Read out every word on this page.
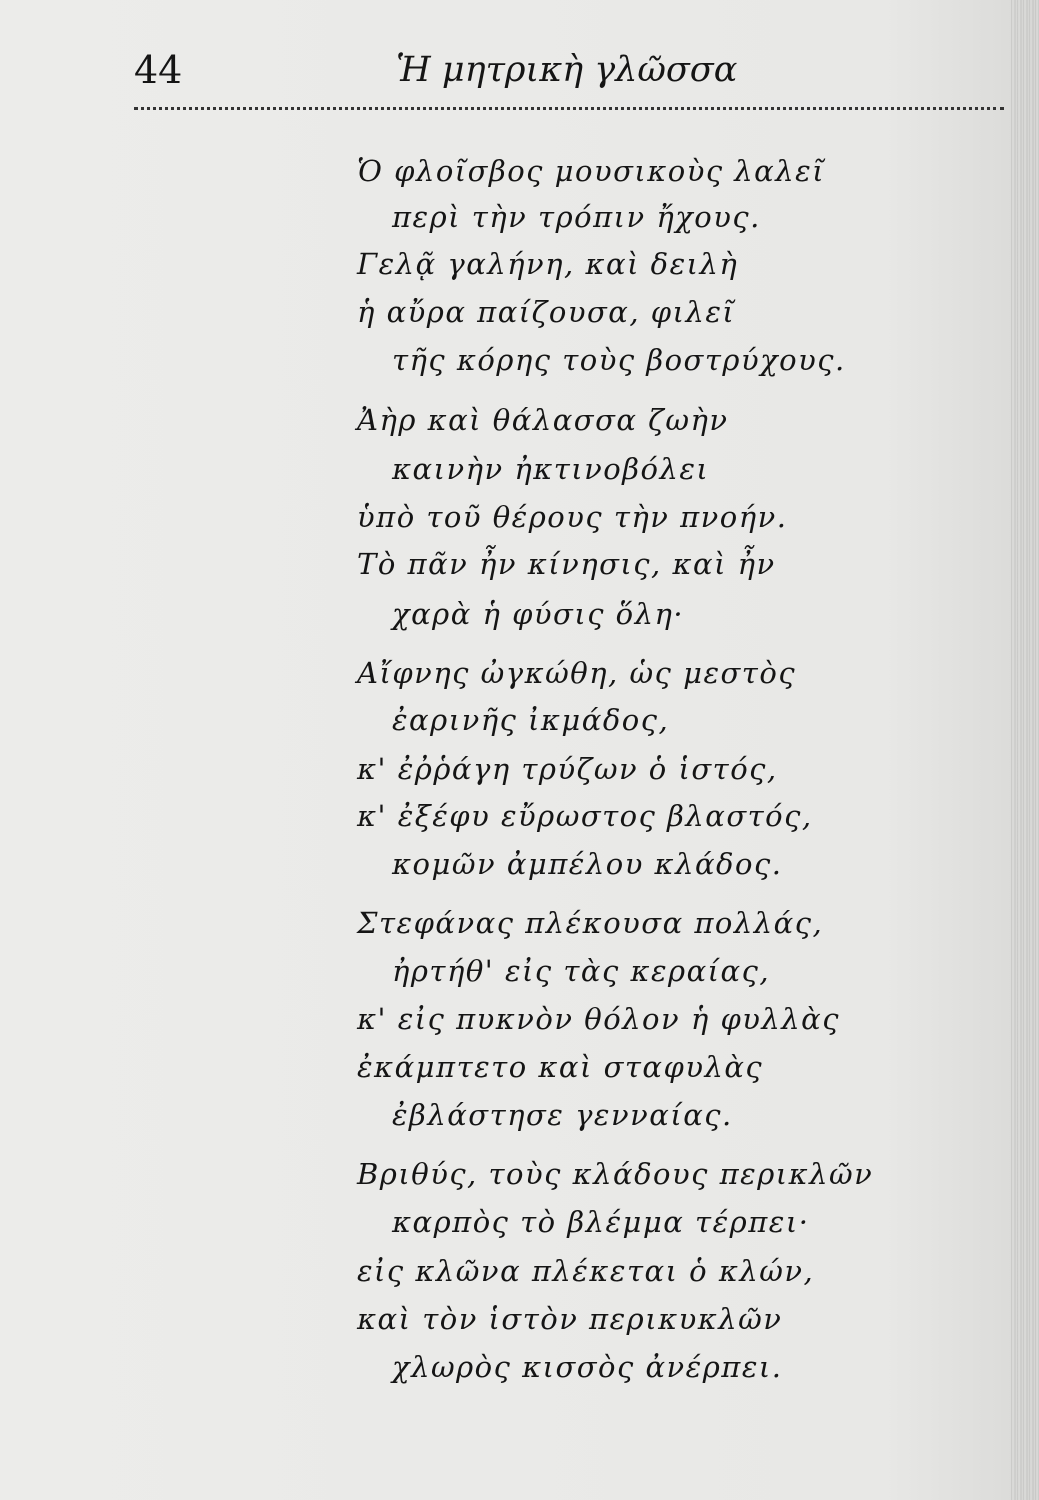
44	Ἡ μητρικὴ γλῶσσα
Ὁ φλοῖσβος μουσικοὺς λαλεῖ
περὶ τὴν τρόπιν ἤχους.
Γελᾷ γαλήνη, καὶ δειλὴ
ἡ αὔρα παίζουσα, φιλεῖ
τῆς κόρης τοὺς βοστρύχους.
Ἀὴρ καὶ θάλασσα ζωὴν
καινὴν ἠκτινοβόλει
ὑπὸ τοῦ θέρους τὴν πνοήν.
Τὸ πᾶν ἦν κίνησις, καὶ ἦν
χαρὰ ἡ φύσις ὅλη·
Αἴφνης ὠγκώθη, ὡς μεστὸς
ἐαρινῆς ἰκμάδος,
κ' ἐῤῥάγη τρύζων ὁ ἱστός,
κ' ἐξέφυ εὔρωστος βλαστός,
κομῶν ἀμπέλου κλάδος.
Στεφάνας πλέκουσα πολλάς,
ἠρτήθ' εἰς τὰς κεραίας,
κ' εἰς πυκνὸν θόλον ἡ φυλλὰς
ἐκάμπτετο καὶ σταφυλὰς
ἐβλάστησε γενναίας.
Βριθύς, τοὺς κλάδους περικλῶν
καρπὸς τὸ βλέμμα τέρπει·
εἰς κλῶνα πλέκεται ὁ κλών,
καὶ τὸν ἱστὸν περικυκλῶν
χλωρὸς κισσὸς ἀνέρπει.
